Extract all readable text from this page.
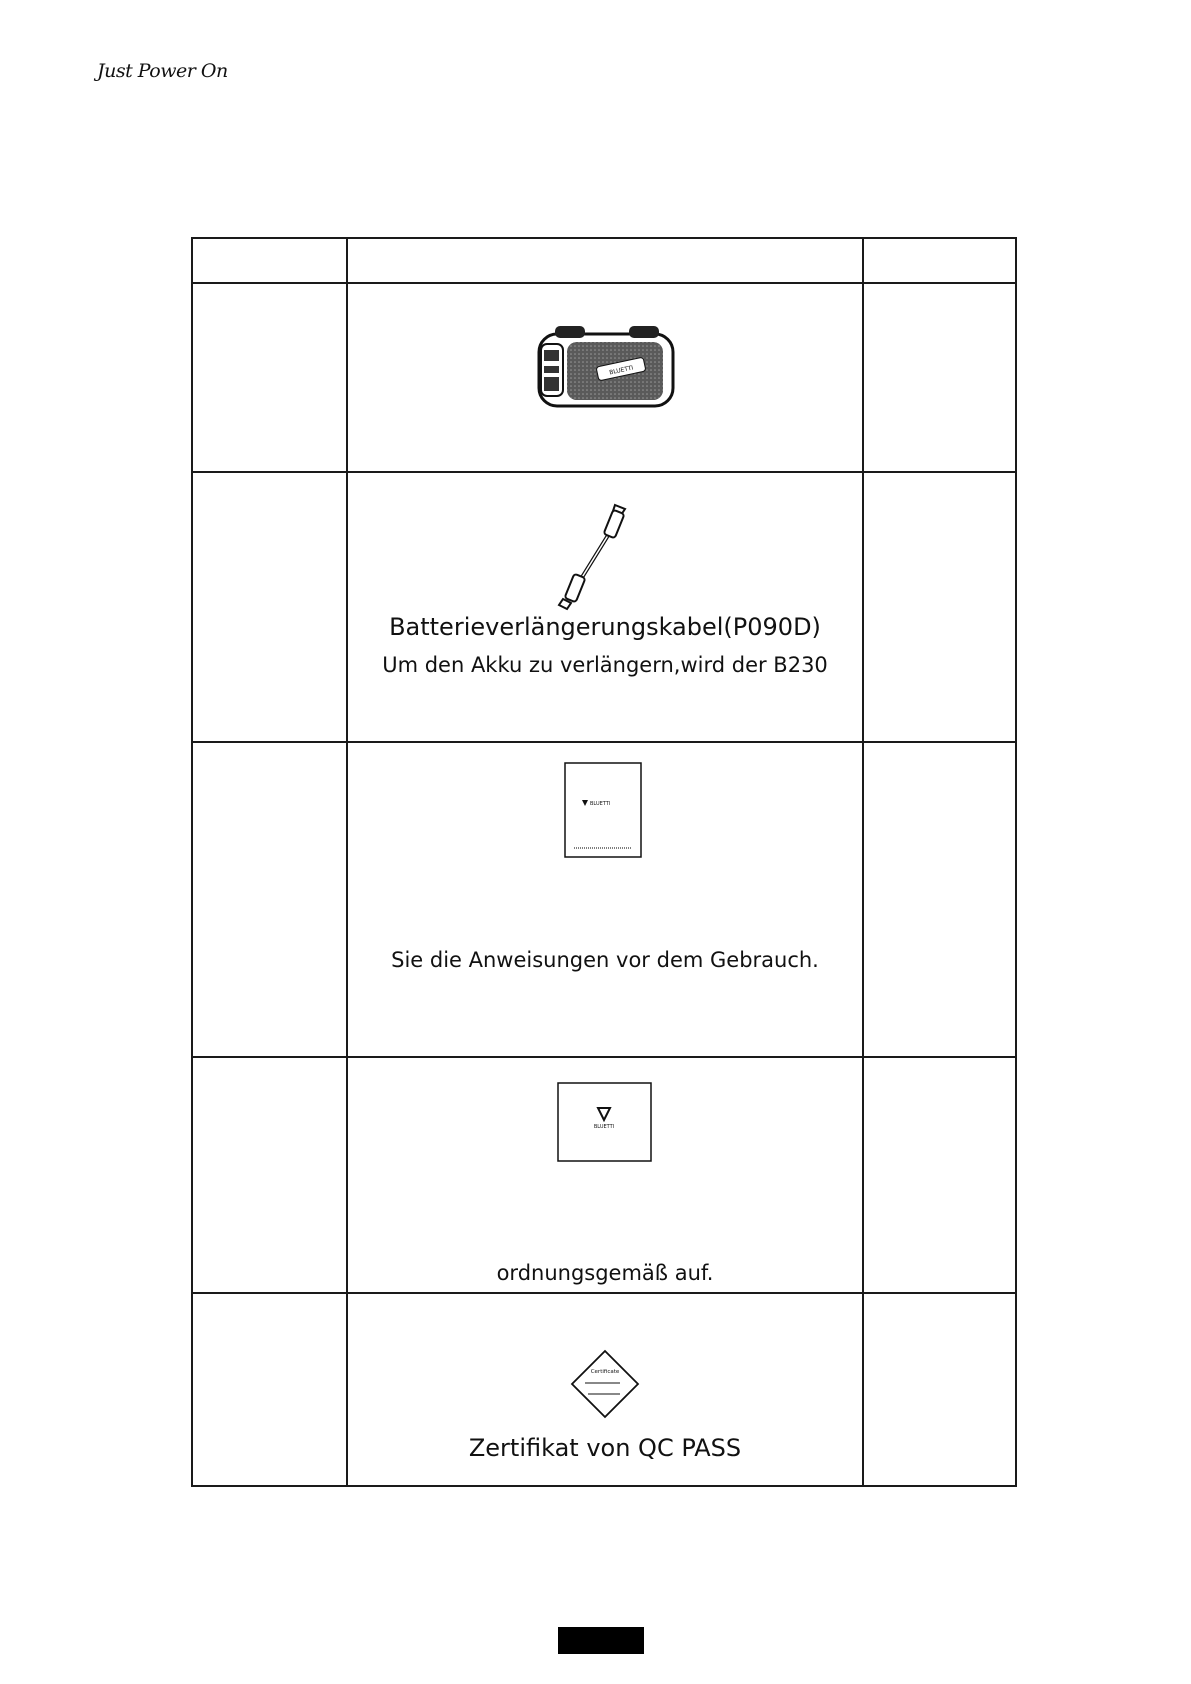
Just Power On

BLUETTI	

	Batterieverlängerungskabel(P090D)
Um den Akku zu verlängern,wird der B230	

BLUETTI
Sie die Anweisungen vor dem Gebrauch.	

BLUETTI
ordnungsgemäß auf.	

Certificate
Zertifikat von QC PASS	
